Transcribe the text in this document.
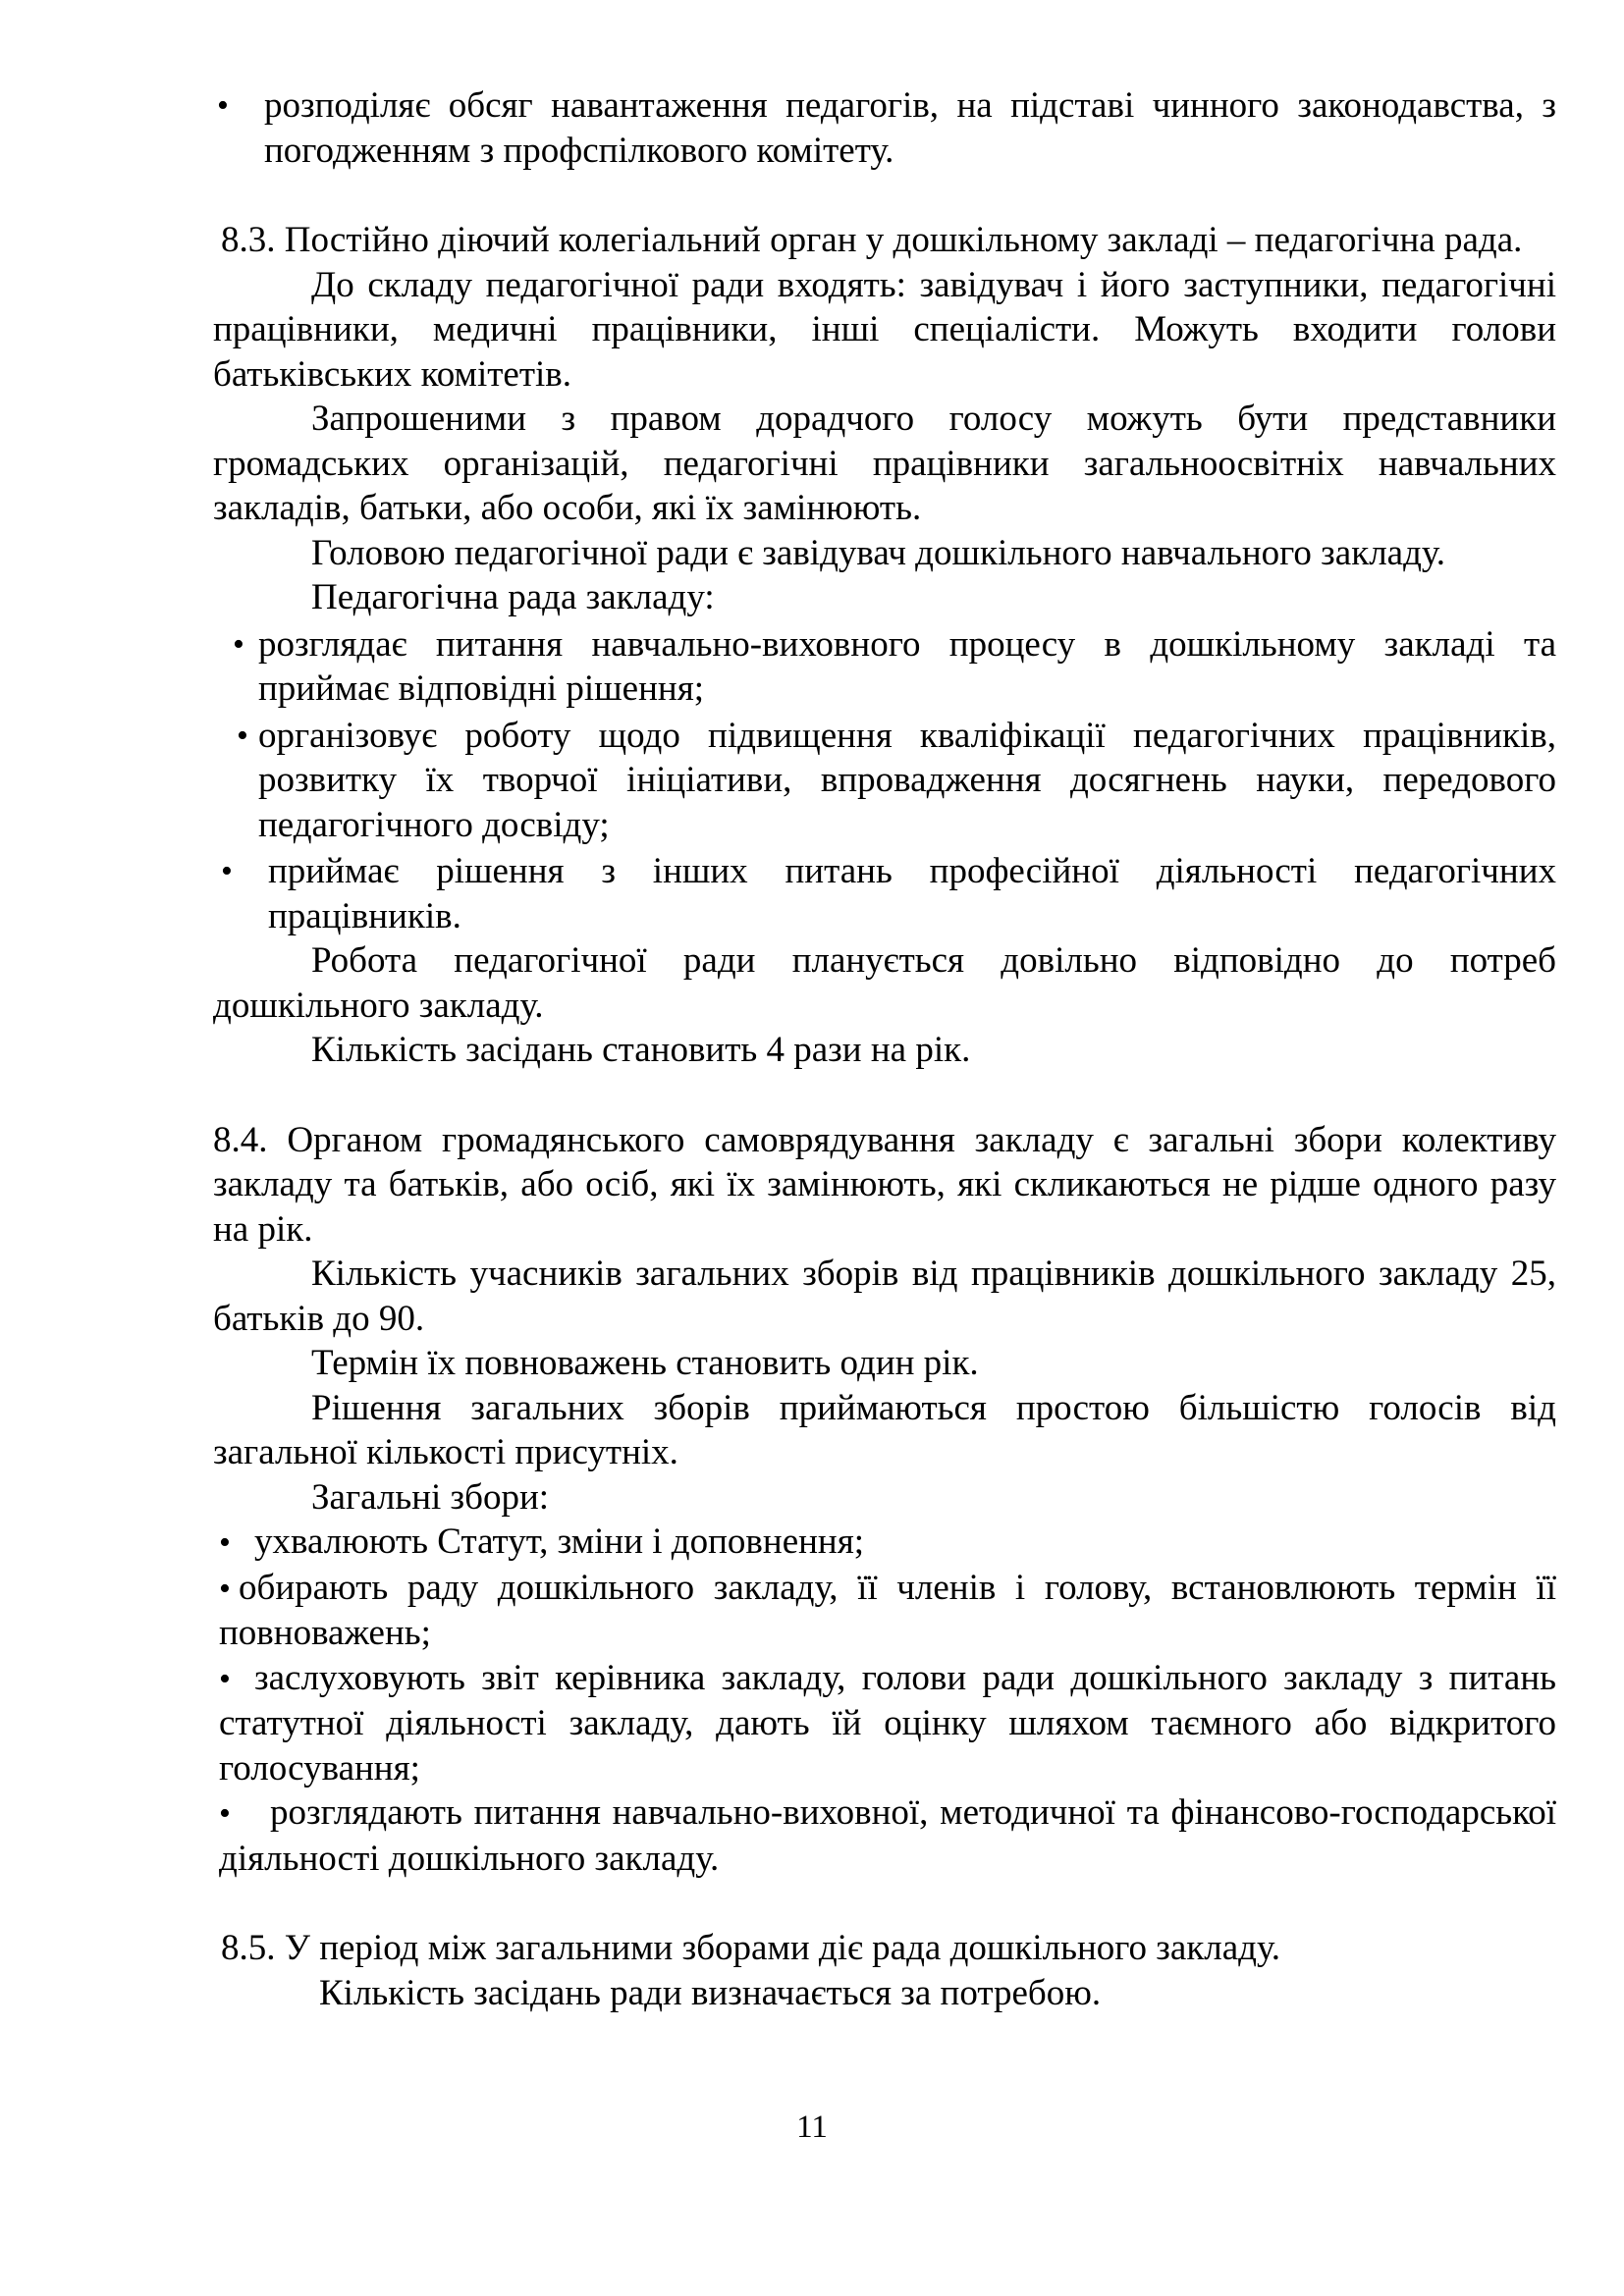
• розподіляє обсяг навантаження педагогів, на підставі чинного законодавства, з погодженням з профспілкового комітету.

8.3. Постійно діючий колегіальний орган у дошкільному закладі – педагогічна рада.

До складу педагогічної ради входять: завідувач і його заступники, педагогічні працівники, медичні працівники, інші спеціалісти. Можуть входити голови батьківських комітетів.

Запрошеними з правом дорадчого голосу можуть бути представники громадських організацій, педагогічні працівники загальноосвітніх навчальних закладів, батьки, або особи, які їх замінюють.

Головою педагогічної ради є завідувач дошкільного навчального закладу.

Педагогічна рада закладу:

• розглядає питання навчально-виховного процесу в дошкільному закладі та приймає відповідні рішення;
• організовує роботу щодо підвищення кваліфікації педагогічних працівників, розвитку їх творчої ініціативи, впровадження досягнень науки, передового педагогічного досвіду;
• приймає рішення з інших питань професійної діяльності педагогічних працівників.

Робота педагогічної ради планується довільно відповідно до потреб дошкільного закладу.

Кількість засідань становить 4 рази на рік.

8.4. Органом громадянського самоврядування закладу є загальні збори колективу закладу та батьків, або осіб, які їх замінюють, які скликаються не рідше одного разу на рік.

Кількість учасників загальних зборів від працівників дошкільного закладу 25, батьків до 90.

Термін їх повноважень становить один рік.

Рішення загальних зборів приймаються простою більшістю голосів від загальної кількості присутніх.

Загальні збори:

• ухвалюють Статут, зміни і доповнення;

• обирають раду дошкільного закладу, її членів і голову, встановлюють термін її повноважень;

• заслуховують звіт керівника закладу, голови ради дошкільного закладу з питань статутної діяльності закладу, дають їй оцінку шляхом таємного або відкритого голосування;

• розглядають питання навчально-виховної, методичної та фінансово-господарської діяльності дошкільного закладу.

8.5. У період між загальними зборами діє рада дошкільного закладу.

Кількість засідань ради визначається за потребою.

11
